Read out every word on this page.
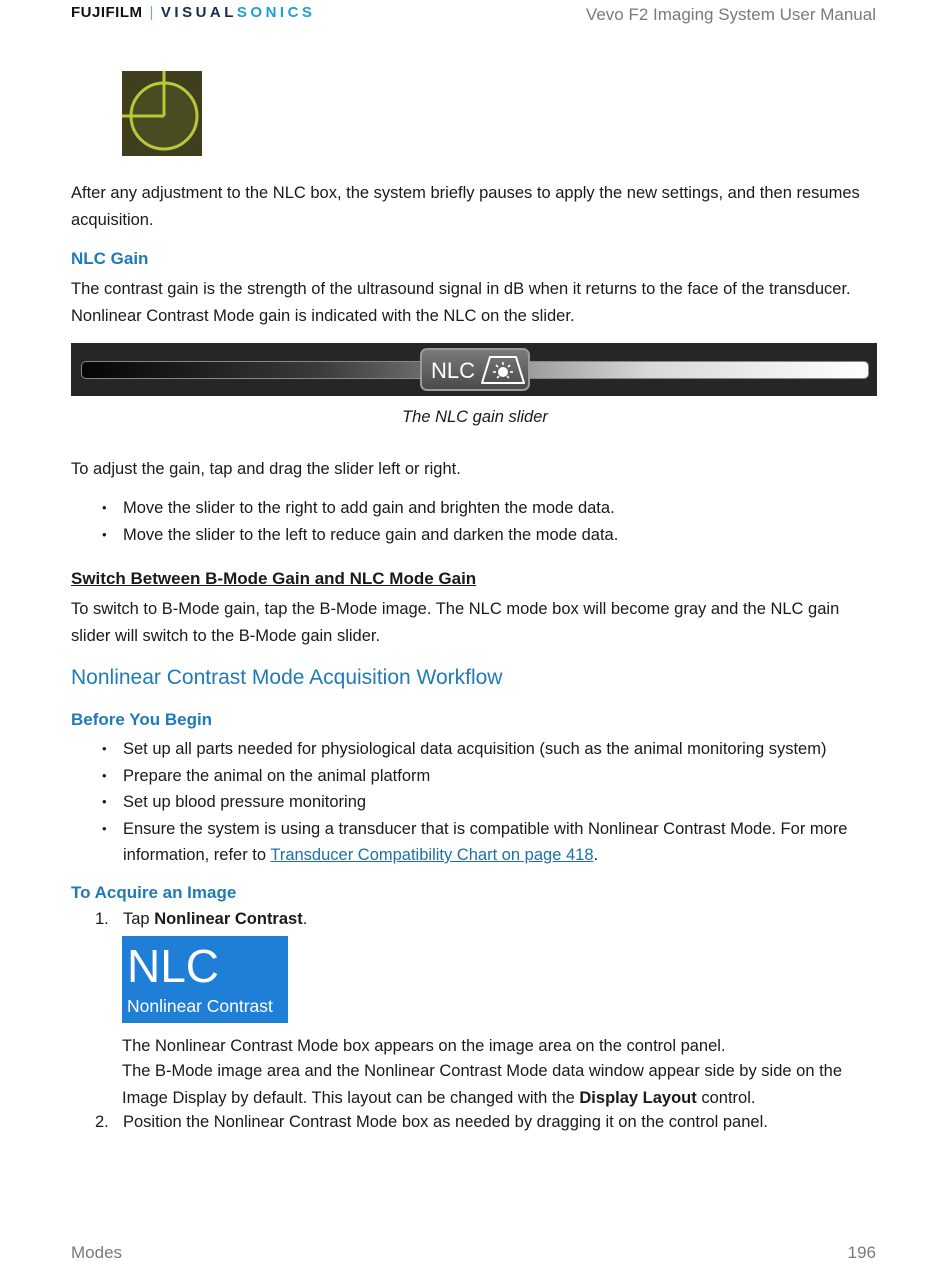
FUJIFILM | VISUALSONICS	Vevo F2 Imaging System User Manual
After any adjustment to the NLC box, the system briefly pauses to apply the new settings, and then resumes acquisition.
NLC Gain
The contrast gain is the strength of the ultrasound signal in dB when it returns to the face of the transducer. Nonlinear Contrast Mode gain is indicated with the NLC on the slider.
NLC
The NLC gain slider
To adjust the gain, tap and drag the slider left or right.
• Move the slider to the right to add gain and brighten the mode data.
• Move the slider to the left to reduce gain and darken the mode data.
Switch Between B-Mode Gain and NLC Mode Gain
To switch to B-Mode gain, tap the B-Mode image. The NLC mode box will become gray and the NLC gain slider will switch to the B-Mode gain slider.
Nonlinear Contrast Mode Acquisition Workflow
Before You Begin
• Set up all parts needed for physiological data acquisition (such as the animal monitoring system)
• Prepare the animal on the animal platform
• Set up blood pressure monitoring
• Ensure the system is using a transducer that is compatible with Nonlinear Contrast Mode. For more information, refer to Transducer Compatibility Chart on page 418.
To Acquire an Image
1. Tap Nonlinear Contrast.
NLC
Nonlinear Contrast
The Nonlinear Contrast Mode box appears on the image area on the control panel.
The B-Mode image area and the Nonlinear Contrast Mode data window appear side by side on the Image Display by default. This layout can be changed with the Display Layout control.
2. Position the Nonlinear Contrast Mode box as needed by dragging it on the control panel.
Modes	196
